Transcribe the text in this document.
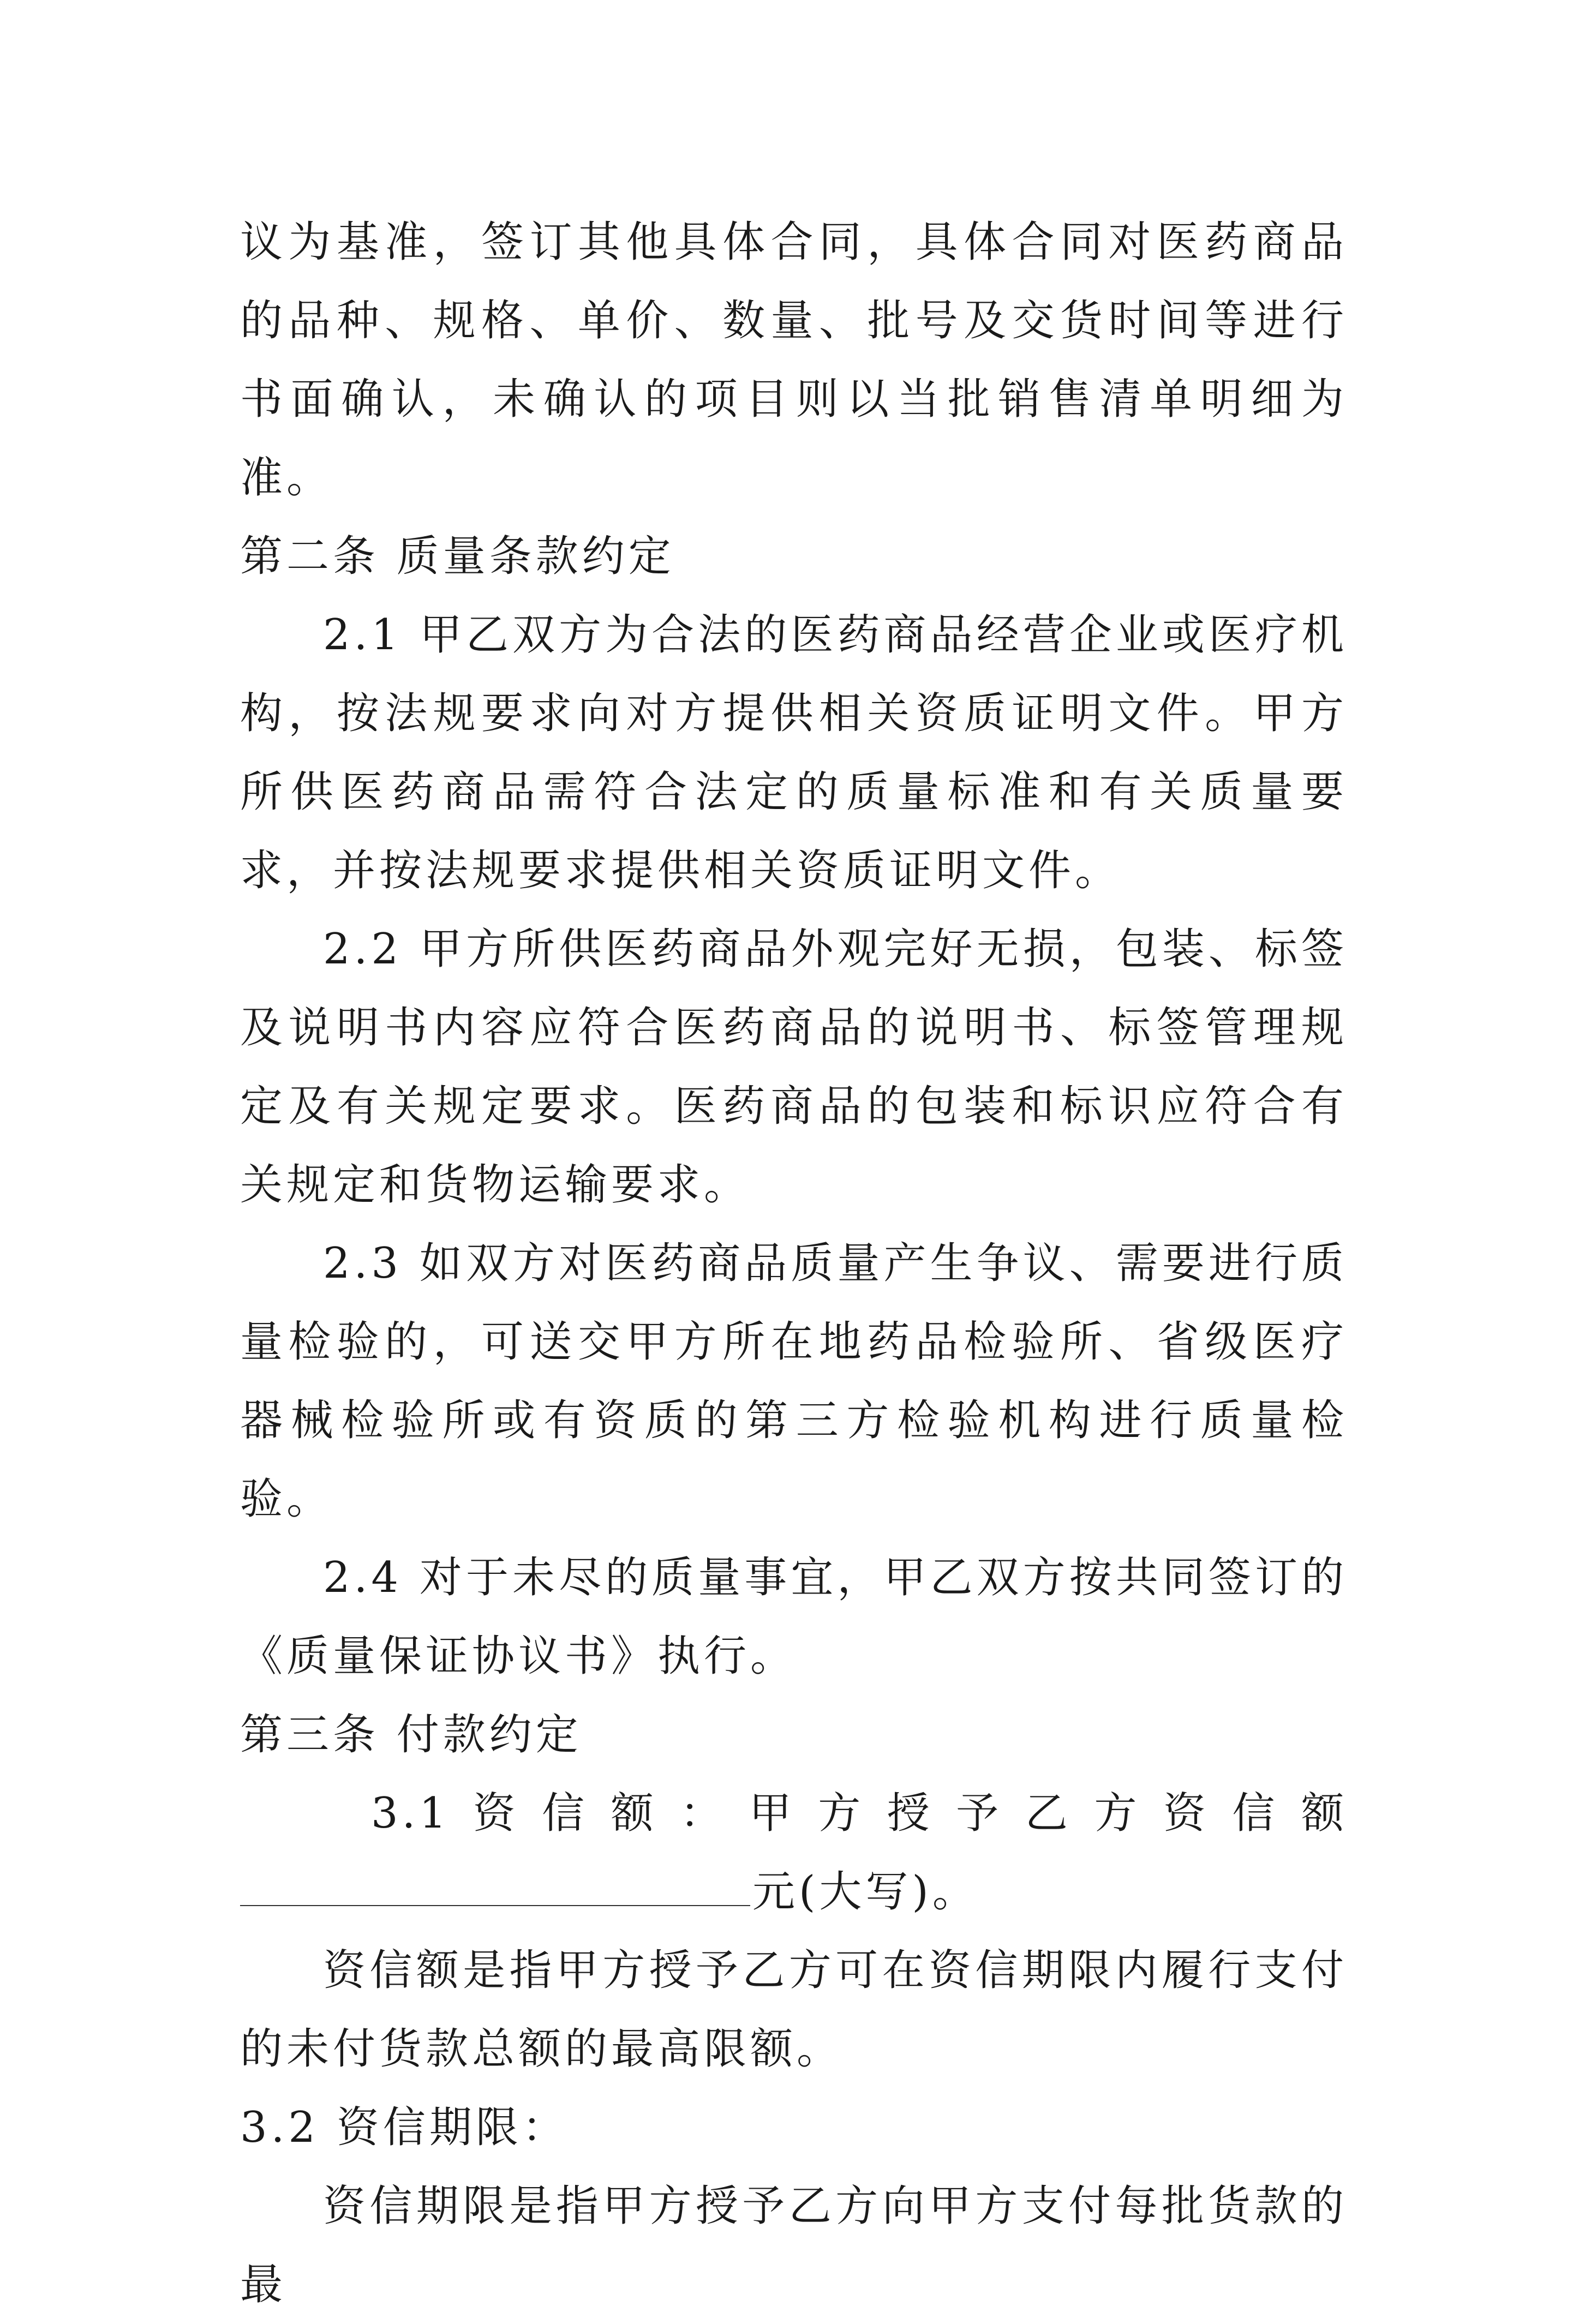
议为基准，签订其他具体合同，具体合同对医药商品的品种、规格、单价、数量、批号及交货时间等进行书面确认，未确认的项目则以当批销售清单明细为准。

第二条 质量条款约定

2.1 甲乙双方为合法的医药商品经营企业或医疗机构，按法规要求向对方提供相关资质证明文件。甲方所供医药商品需符合法定的质量标准和有关质量要求，并按法规要求提供相关资质证明文件。

2.2 甲方所供医药商品外观完好无损，包装、标签及说明书内容应符合医药商品的说明书、标签管理规定及有关规定要求。医药商品的包装和标识应符合有关规定和货物运输要求。

2.3 如双方对医药商品质量产生争议、需要进行质量检验的，可送交甲方所在地药品检验所、省级医疗器械检验所或有资质的第三方检验机构进行质量检验。

2.4 对于未尽的质量事宜，甲乙双方按共同签订的《质量保证协议书》执行。

第三条 付款约定

3.1 资 信 额 ： 甲 方 授 予 乙 方 资 信 额
元(大写)。

资信额是指甲方授予乙方可在资信期限内履行支付的未付货款总额的最高限额。

3.2 资信期限：

资信期限是指甲方授予乙方向甲方支付每批货款的最
